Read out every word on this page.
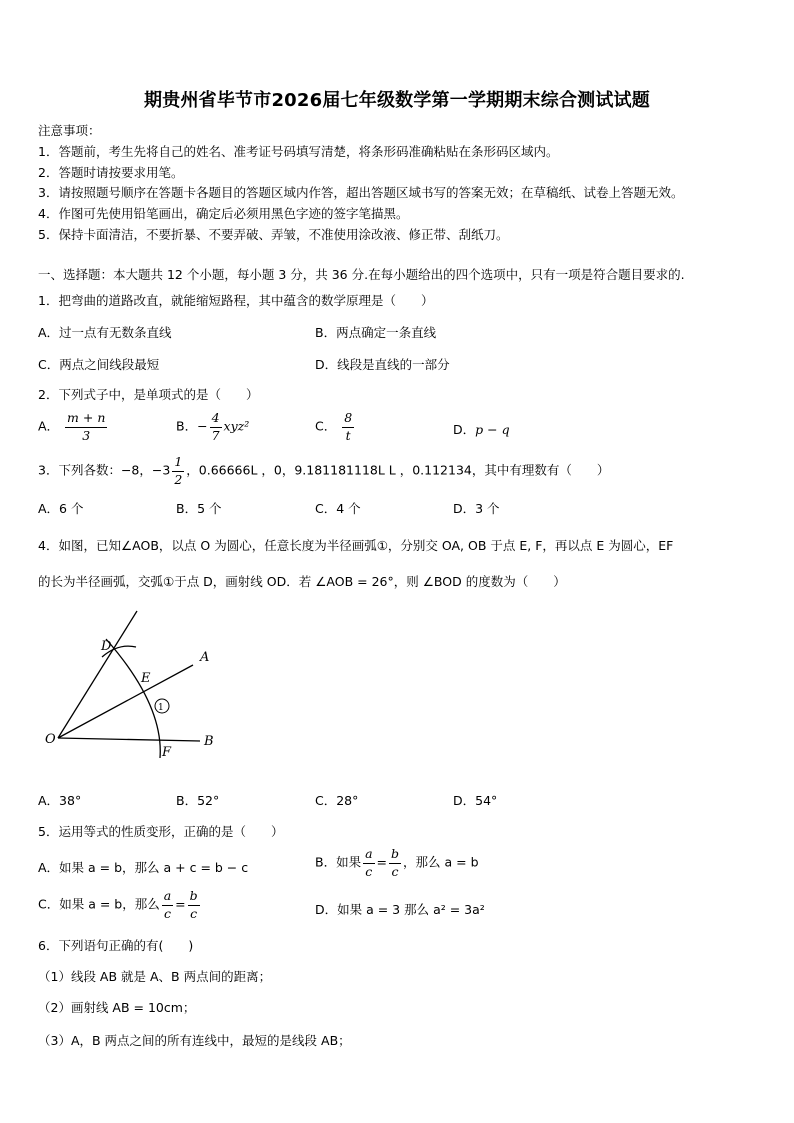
期贵州省毕节市2026届七年级数学第一学期期末综合测试试题
注意事项：
1．答题前，考生先将自己的姓名、准考证号码填写清楚，将条形码准确粘贴在条形码区域内。
2．答题时请按要求用笔。
3．请按照题号顺序在答题卡各题目的答题区域内作答，超出答题区域书写的答案无效；在草稿纸、试卷上答题无效。
4．作图可先使用铅笔画出，确定后必须用黑色字迹的签字笔描黑。
5．保持卡面清洁，不要折暴、不要弄破、弄皱，不准使用涂改液、修正带、刮纸刀。
一、选择题：本大题共 12 个小题，每小题 3 分，共 36 分.在每小题给出的四个选项中，只有一项是符合题目要求的.
1．把弯曲的道路改直，就能缩短路程，其中蕴含的数学原理是（　　）
A．过一点有无数条直线	B．两点确定一条直线
C．两点之间线段最短	D．线段是直线的一部分
2．下列式子中，是单项式的是（　　）
A． $\frac{m + n}{3}$	B．− $\frac{4}{7} xyz^2$	C． $\frac{8}{t}$	D．p − q
3．下列各数：−8，$-3 \frac{1}{2}$ ，0.66666L ，0，9.181181118L L ，0.112134，其中有理数有（　　）
A．6 个	B．5 个	C．4 个	D．3 个
4．如图，已知∠AOB，以点 O 为圆心，任意长度为半径画弧①，分别交 OA, OB 于点 E, F，再以点 E 为圆心，EF
的长为半径画弧，交弧①于点 D，画射线 OD．若 ∠AOB = 26°，则 ∠BOD 的度数为（　　）
D
A
E
1
O
F
B
A．38°	B．52°	C．28°	D．54°
5．运用等式的性质变形，正确的是（　　）
A．如果 a = b，那么 a + c = b − c	B．如果 $\frac{a}{c} = \frac{b}{c}$ ，那么 a = b
C．如果 a = b，那么 $\frac{a}{c} = \frac{b}{c}$	D．如果 a = 3 那么 a² = 3a²
6．下列语句正确的有(　　)
（1）线段 AB 就是 A、B 两点间的距离；
（2）画射线 AB = 10cm；
（3）A，B 两点之间的所有连线中，最短的是线段 AB；
